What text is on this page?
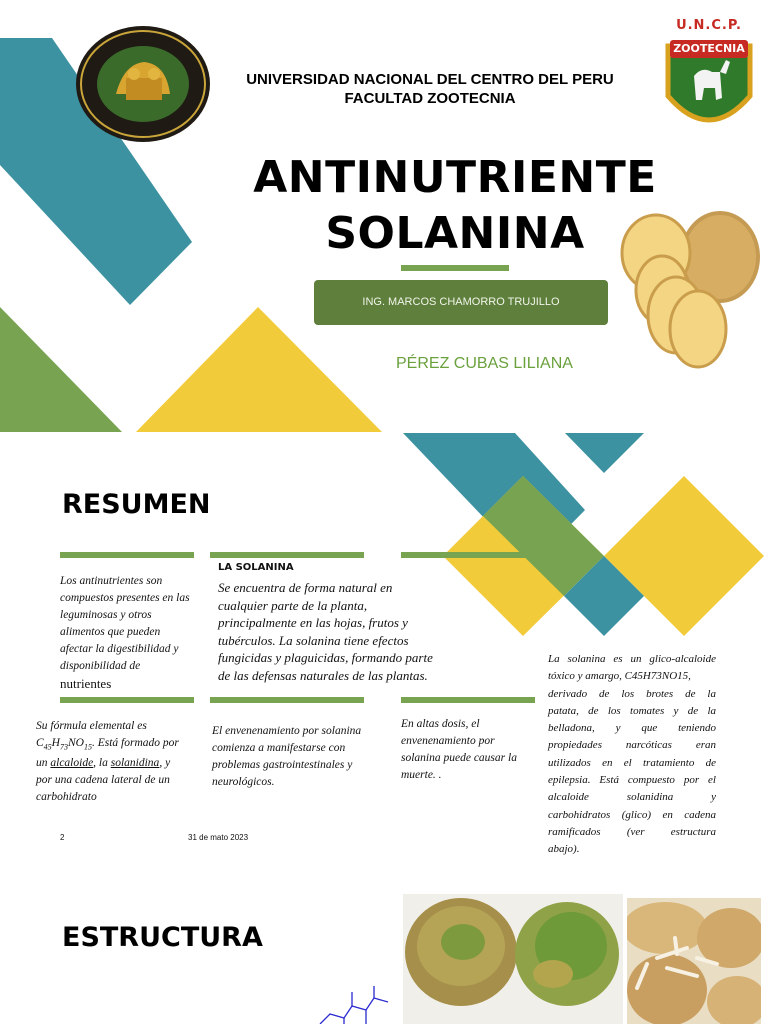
U.N.C.P.
ZOOTECNIA
UNIVERSIDAD NACIONAL DEL CENTRO DEL PERU
FACULTAD ZOOTECNIA
ANTINUTRIENTE
SOLANINA
ING. MARCOS CHAMORRO TRUJILLO
PÉREZ CUBAS LILIANA
RESUMEN
Los antinutrientes son
compuestos presentes en las
leguminosas y otros
alimentos que pueden
afectar la digestibilidad y
disponibilidad de
nutrientes
LA SOLANINA
Se encuentra de forma natural en
cualquier parte de la planta,
principalmente en las hojas, frutos y
tubérculos. La solanina tiene efectos
fungicidas y plaguicidas, formando parte
de las defensas naturales de las plantas.
Su fórmula elemental es
$C_{45}H_{73}NO_{15}$. Está formado por
un alcaloide, la solanidina, y
por una cadena lateral de un
carbohidrato
El envenenamiento por solanina
comienza a manifestarse con
problemas gastrointestinales y
neurológicos.
En altas dosis, el
envenenamiento por
solanina puede causar la
muerte. .
La solanina es un glico-alcaloide
tóxico y amargo, C45H73NO15,
derivado de los brotes de la
patata, de los tomates y de la
belladona, y que teniendo
propiedades narcóticas eran
utilizados en el tratamiento de
epilepsia. Está compuesto por el
alcaloide solanidina y
carbohidratos (glico) en cadena
ramificados (ver estructura
abajo).
2	31 de mato 2023
ESTRUCTURA
